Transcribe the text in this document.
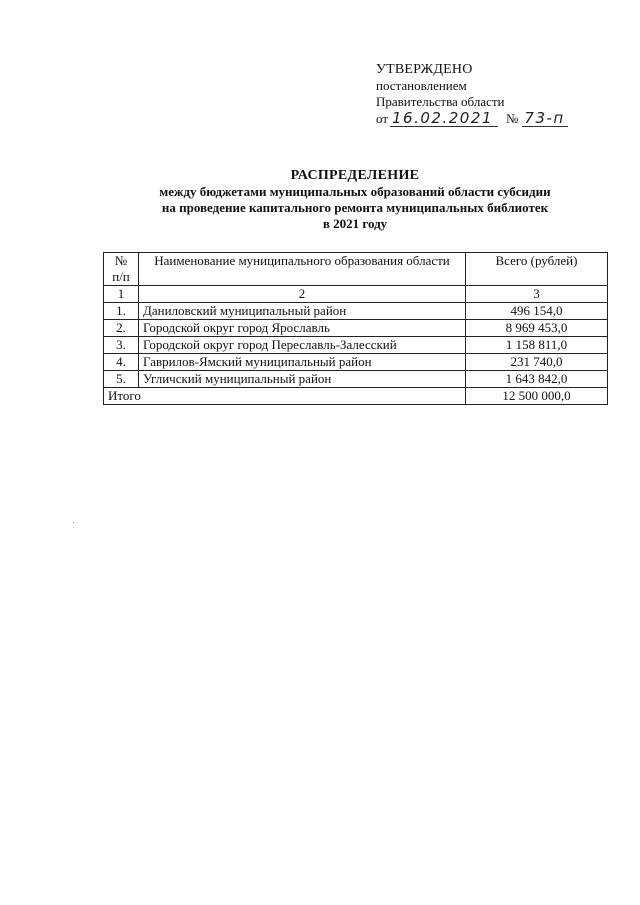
УТВЕРЖДЕНО
постановлением
Правительства области
от 16.02.2021	№ 73-п
РАСПРЕДЕЛЕНИЕ
между бюджетами муниципальных образований области субсидии
на проведение капитального ремонта муниципальных библиотек
в 2021 году
№
п/п	Наименование муниципального образования области	Всего (рублей)
1	2	3
1.	Даниловский муниципальный район	496 154,0
2.	Городской округ город Ярославль	8 969 453,0
3.	Городской округ город Переславль-Залесский	1 158 811,0
4.	Гаврилов-Ямский муниципальный район	231 740,0
5.	Угличский муниципальный район	1 643 842,0
Итого		12 500 000,0
